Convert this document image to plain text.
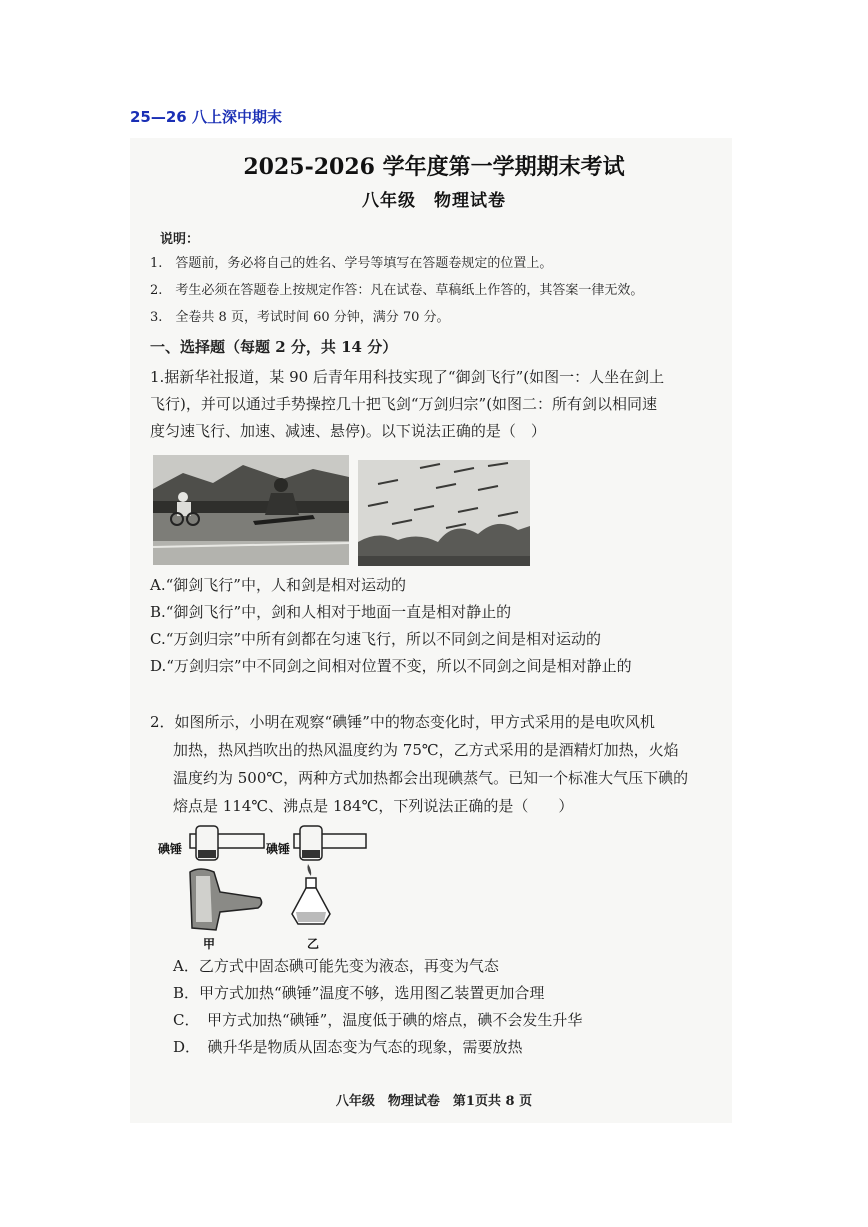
25—26 八上深中期末
2025-2026 学年度第一学期期末考试
八年级　物理试卷
说明：
1.　答题前，务必将自己的姓名、学号等填写在答题卷规定的位置上。
2.　考生必须在答题卷上按规定作答：凡在试卷、草稿纸上作答的，其答案一律无效。
3.　全卷共 8 页，考试时间 60 分钟，满分 70 分。
一、选择题（每题 2 分，共 14 分）
1.据新华社报道，某 90 后青年用科技实现了“御剑飞行”(如图一：人坐在剑上
飞行)，并可以通过手势操控几十把飞剑“万剑归宗”(如图二：所有剑以相同速
度匀速飞行、加速、减速、悬停)。以下说法正确的是（　）
A.“御剑飞行”中，人和剑是相对运动的
B.“御剑飞行”中，剑和人相对于地面一直是相对静止的
C.“万剑归宗”中所有剑都在匀速飞行，所以不同剑之间是相对运动的
D.“万剑归宗”中不同剑之间相对位置不变，所以不同剑之间是相对静止的
2．如图所示，小明在观察“碘锤”中的物态变化时，甲方式采用的是电吹风机
加热，热风挡吹出的热风温度约为 75℃，乙方式采用的是酒精灯加热，火焰
温度约为 500℃，两种方式加热都会出现碘蒸气。已知一个标准大气压下碘的
熔点是 114℃、沸点是 184℃，下列说法正确的是（　　）
碘锤	碘锤
甲	乙
A．乙方式中固态碘可能先变为液态，再变为气态
B．甲方式加热“碘锤”温度不够，选用图乙装置更加合理
C．　甲方式加热“碘锤”，温度低于碘的熔点，碘不会发生升华
D．　碘升华是物质从固态变为气态的现象，需要放热
八年级　物理试卷　第1页共 8 页
